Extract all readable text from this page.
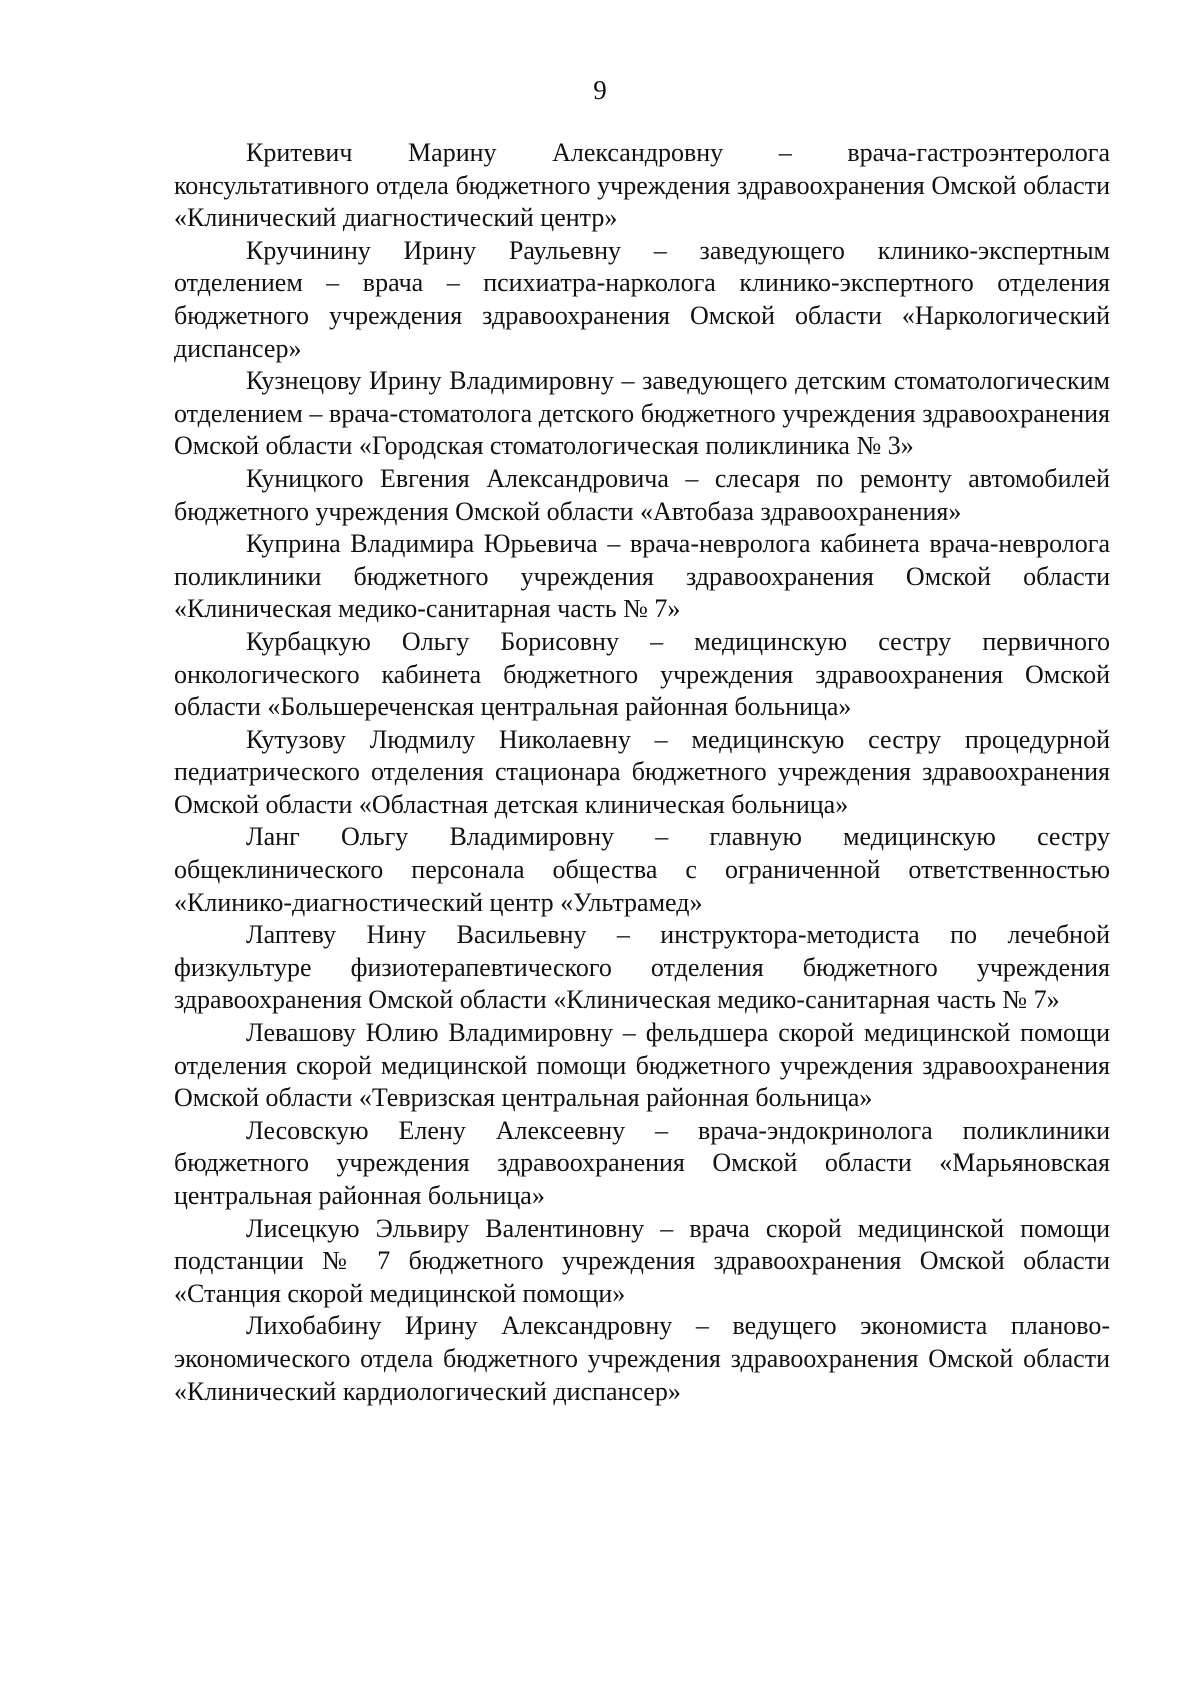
9

Критевич Марину Александровну – врача-гастроэнтеролога консультативного отдела бюджетного учреждения здравоохранения Омской области «Клинический диагностический центр»

Кручинину Ирину Раульевну – заведующего клинико-экспертным отделением – врача – психиатра-нарколога клинико-экспертного отделения бюджетного учреждения здравоохранения Омской области «Наркологический диспансер»

Кузнецову Ирину Владимировну – заведующего детским стоматологическим отделением – врача-стоматолога детского бюджетного учреждения здравоохранения Омской области «Городская стоматологическая поликлиника № 3»

Куницкого Евгения Александровича – слесаря по ремонту автомобилей бюджетного учреждения Омской области «Автобаза здравоохранения»

Куприна Владимира Юрьевича – врача-невролога кабинета врача-невролога поликлиники бюджетного учреждения здравоохранения Омской области «Клиническая медико-санитарная часть № 7»

Курбацкую Ольгу Борисовну – медицинскую сестру первичного онкологического кабинета бюджетного учреждения здравоохранения Омской области «Большереченская центральная районная больница»

Кутузову Людмилу Николаевну – медицинскую сестру процедурной педиатрического отделения стационара бюджетного учреждения здравоохранения Омской области «Областная детская клиническая больница»

Ланг Ольгу Владимировну – главную медицинскую сестру общеклинического персонала общества с ограниченной ответственностью «Клинико-диагностический центр «Ультрамед»

Лаптеву Нину Васильевну – инструктора-методиста по лечебной физкультуре физиотерапевтического отделения бюджетного учреждения здравоохранения Омской области «Клиническая медико-санитарная часть № 7»

Левашову Юлию Владимировну – фельдшера скорой медицинской помощи отделения скорой медицинской помощи бюджетного учреждения здравоохранения Омской области «Тевризская центральная районная больница»

Лесовскую Елену Алексеевну – врача-эндокринолога поликлиники бюджетного учреждения здравоохранения Омской области «Марьяновская центральная районная больница»

Лисецкую Эльвиру Валентиновну – врача скорой медицинской помощи подстанции № 7 бюджетного учреждения здравоохранения Омской области «Станция скорой медицинской помощи»

Лихобабину Ирину Александровну – ведущего экономиста планово-экономического отдела бюджетного учреждения здравоохранения Омской области «Клинический кардиологический диспансер»
